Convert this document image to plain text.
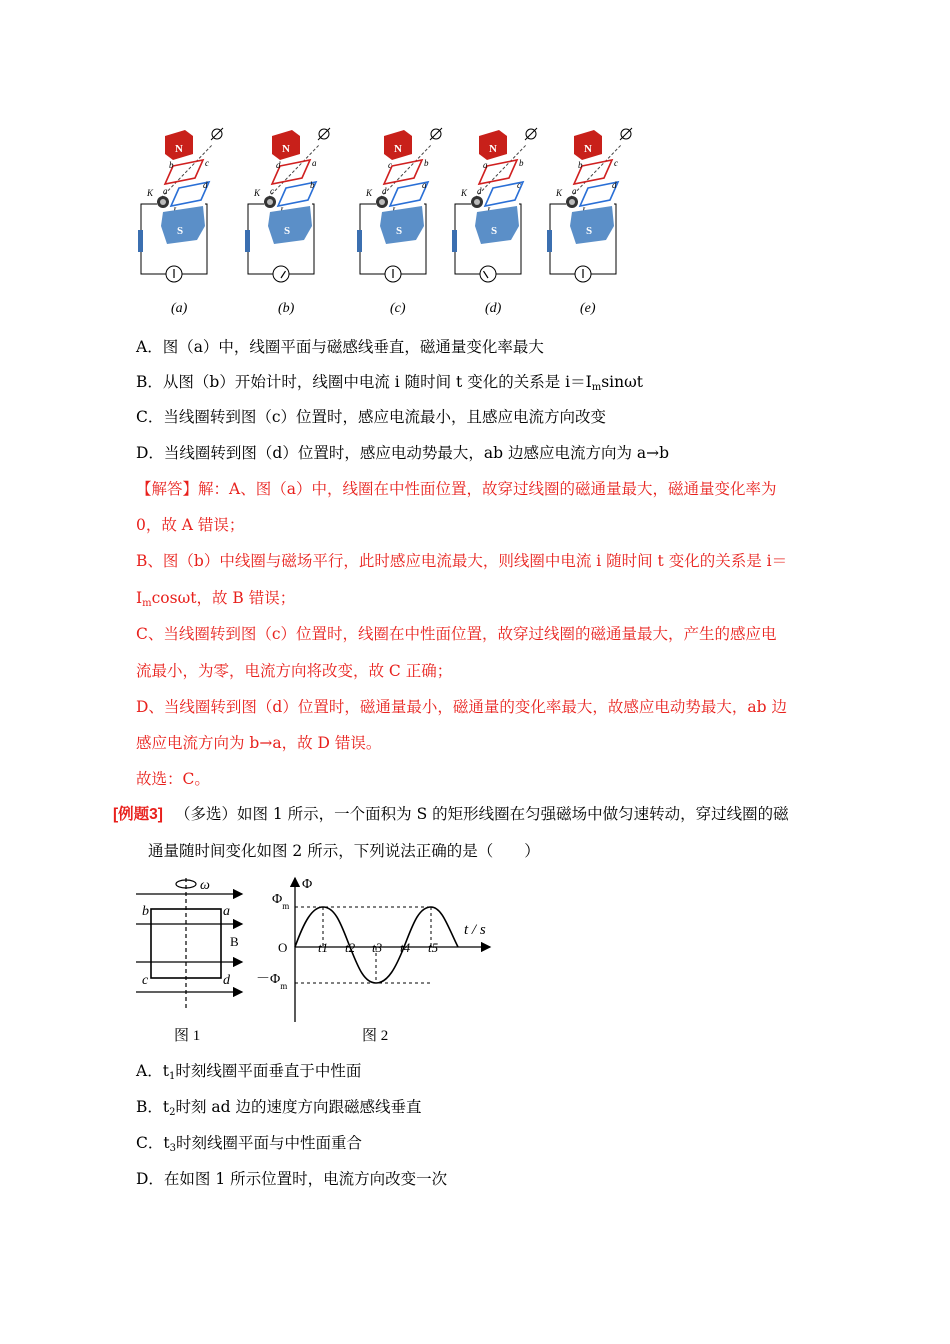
N
b	c
a
d
K
S
(a)
N
d	a
c
b
K
S
(b)
N
c	b
d
a
K
S
(c)
N
a	b
d
c
K
S
(d)
N
b	c
a
d
K
S
(e)
A．图（a）中，线圈平面与磁感线垂直，磁通量变化率最大
B．从图（b）开始计时，线圈中电流 i 随时间 t 变化的关系是 $i=I_m\sin\omega t$
C．当线圈转到图（c）位置时，感应电流最小，且感应电流方向改变
D．当线圈转到图（d）位置时，感应电动势最大，ab 边感应电流方向为 a→b
【解答】解：A、图（a）中，线圈在中性面位置，故穿过线圈的磁通量最大，磁通量变化率为
0，故 A 错误；
B、图（b）中线圈与磁场平行，此时感应电流最大，则线圈中电流 i 随时间 t 变化的关系是 i＝
$I_m\cos\omega t$，故 B 错误；
C、当线圈转到图（c）位置时，线圈在中性面位置，故穿过线圈的磁通量最大，产生的感应电
流最小，为零，电流方向将改变，故 C 正确；
D、当线圈转到图（d）位置时，磁通量最小，磁通量的变化率最大，故感应电动势最大，ab 边
感应电流方向为 b→a，故 D 错误。
故选：C。
[例题3] （多选）如图 1 所示，一个面积为 S 的矩形线圈在匀强磁场中做匀速转动，穿过线圈的磁
通量随时间变化如图 2 所示，下列说法正确的是（　　）
ω
b	a
c	d
B
图 1
Φ
t / s
O
$\Phi_m$
$-\Phi_m$
t1 t2 t3 t4 t5
图 2
A．$t_1$时刻线圈平面垂直于中性面
B．$t_2$时刻 ad 边的速度方向跟磁感线垂直
C．$t_3$时刻线圈平面与中性面重合
D．在如图 1 所示位置时，电流方向改变一次
